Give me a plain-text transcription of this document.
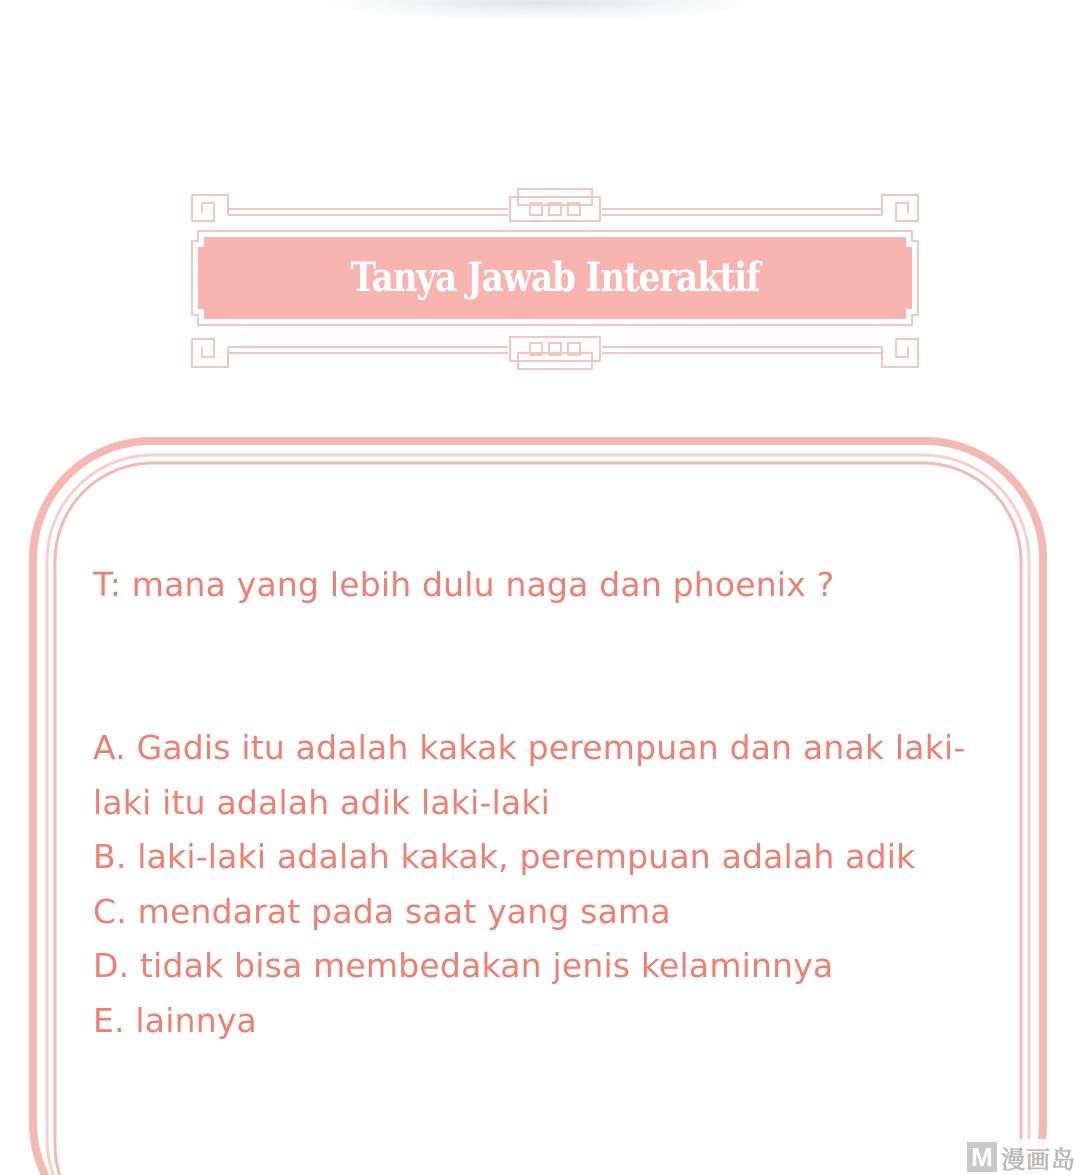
Tanya Jawab Interaktif
T: mana yang lebih dulu naga dan phoenix ?
A. Gadis itu adalah kakak perempuan dan anak laki-laki itu adalah adik laki-laki
B. laki-laki adalah kakak, perempuan adalah adik
C. mendarat pada saat yang sama
D. tidak bisa membedakan jenis kelaminnya
E. lainnya
M 漫画岛
